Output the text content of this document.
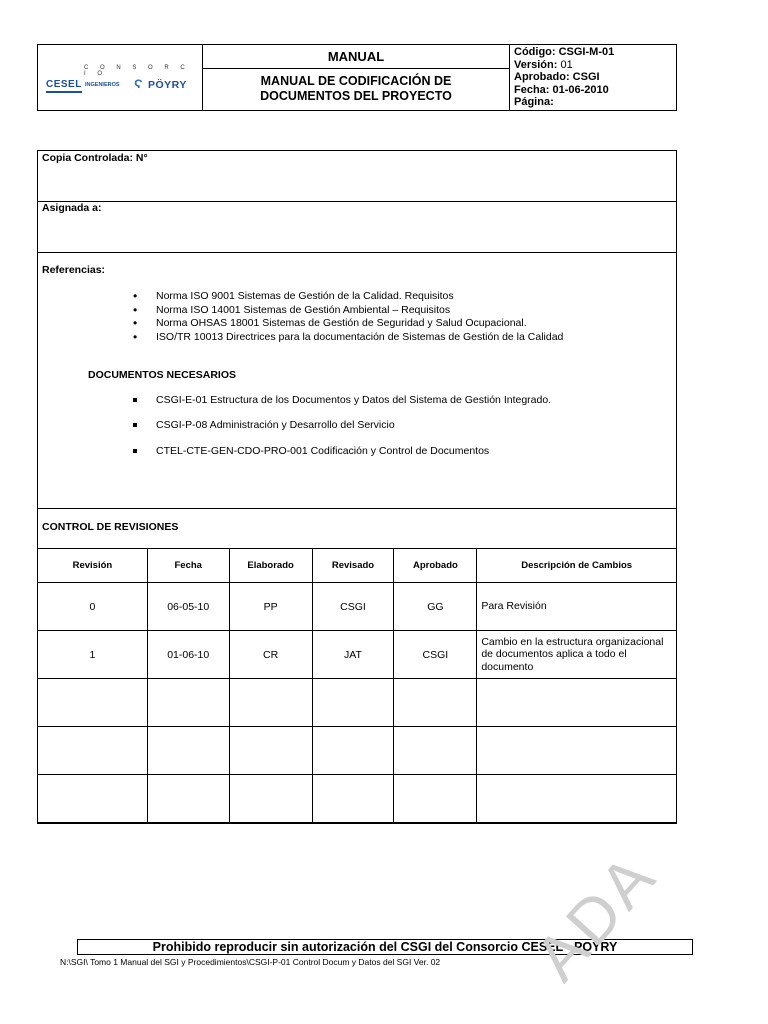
C O N S O R C I O
CESEL INGENIEROS Ϛ PÖYRY
	MANUAL	Código: CSGI-M-01
Versión: 01
Aprobado: CSGI
Fecha: 01-06-2010
Página:

MANUAL DE CODIFICACIÓN DE
DOCUMENTOS DEL PROYECTO
Copia Controlada: N°
Asignada a:
Referencias:
• Norma ISO 9001 Sistemas de Gestión de la Calidad. Requisitos
• Norma ISO 14001 Sistemas de Gestión Ambiental – Requisitos
• Norma OHSAS 18001 Sistemas de Gestión de Seguridad y Salud Ocupacional.
• ISO/TR 10013 Directrices para la documentación de Sistemas de Gestión de la Calidad
DOCUMENTOS NECESARIOS
CSGI-E-01 Estructura de los Documentos y Datos del Sistema de Gestión Integrado.
CSGI-P-08 Administración y Desarrollo del Servicio
CTEL-CTE-GEN-CDO-PRO-001 Codificación y Control de Documentos
CONTROL DE REVISIONES
Revisión	Fecha	Elaborado	Revisado	Aprobado	Descripción de Cambios
0	06-05-10	PP	CSGI	GG	Para Revisión
1	01-06-10	CR	JAT	CSGI	Cambio en la estructura organizacional de documentos aplica a todo el documento

Prohibido reproducir sin autorización del CSGI del Consorcio CESEL - POYRY
N:\SGI\ Tomo 1 Manual del SGI y Procedimientos\CSGI-P-01 Control Docum y Datos del SGI Ver. 02 ADA
